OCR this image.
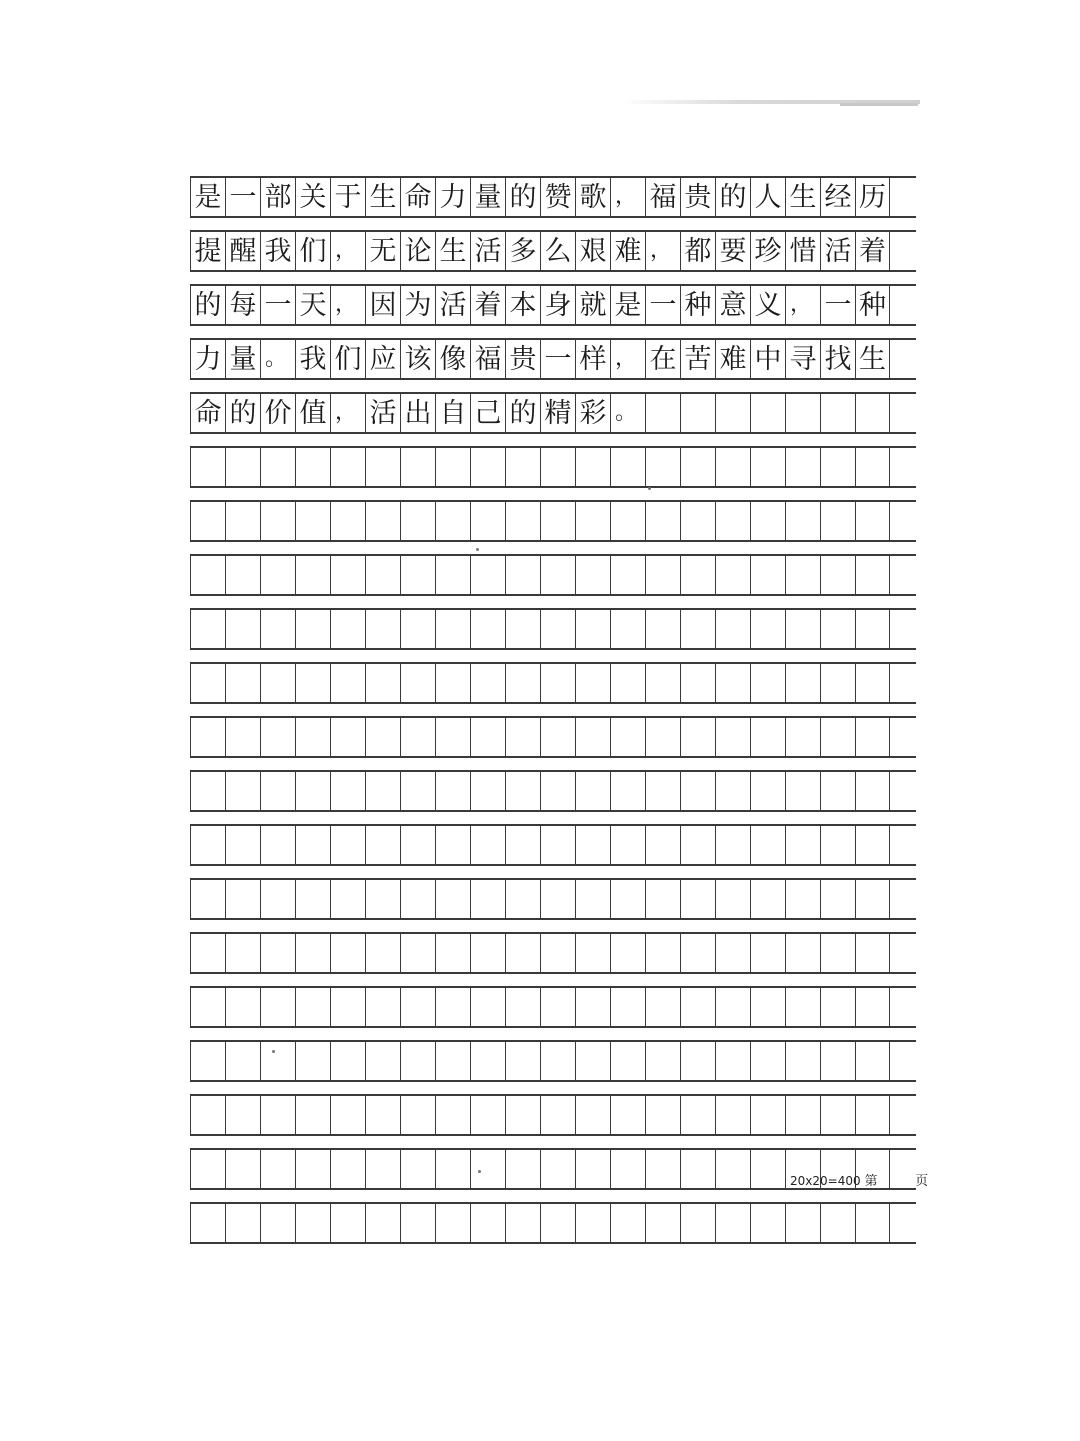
是 一 部 关 于 生 命 力 量 的 赞 歌 ， 福 贵 的 人 生 经 历
提 醒 我 们 ， 无 论 生 活 多 么 艰 难 ， 都 要 珍 惜 活 着
的 每 一 天 ， 因 为 活 着 本 身 就 是 一 种 意 义 ， 一 种
力 量 。 我 们 应 该 像 福 贵 一 样 ， 在 苦 难 中 寻 找 生
命 的 价 值 ， 活 出 自 己 的 精 彩 。
20x20=400 第	页
